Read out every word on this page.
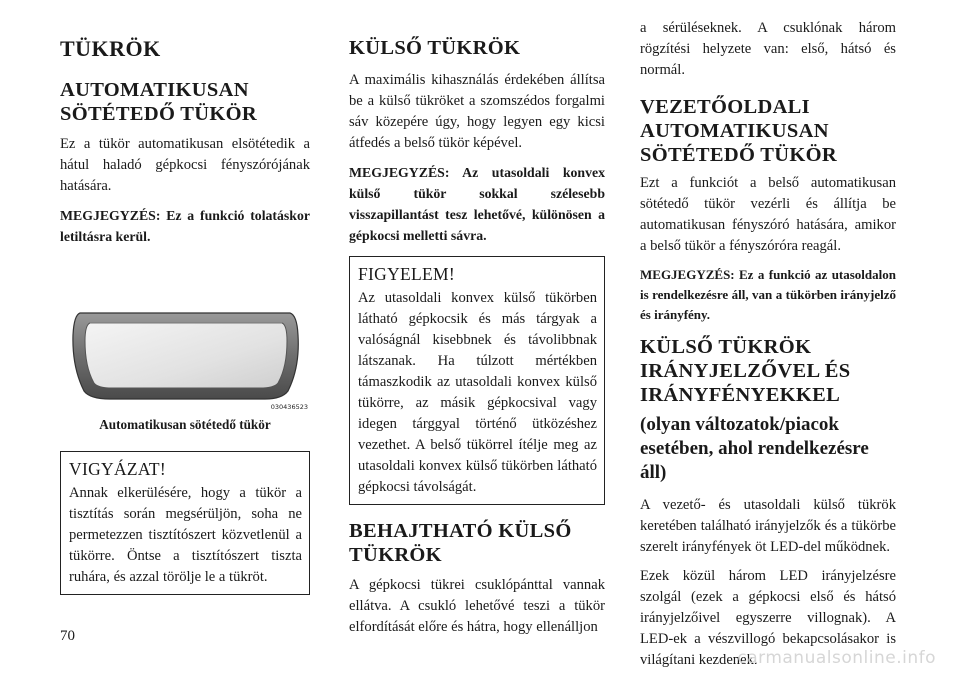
TÜKRÖK
AUTOMATIKUSAN SÖTÉTEDŐ TÜKÖR

Ez a tükör automatikusan elsötétedik a hátul haladó gépkocsi fényszórójának hatására.

MEGJEGYZÉS: Ez a funkció tolatáskor letiltásra kerül.

030436523
Automatikusan sötétedő tükör
VIGYÁZAT!

Annak elkerülésére, hogy a tükör a tisztítás során megsérüljön, soha ne permetezzen tisztítószert közvetlenül a tükörre. Öntse a tisztítószert tiszta ruhára, és azzal törölje le a tükröt.

KÜLSŐ TÜKRÖK

A maximális kihasználás érdekében állítsa be a külső tükröket a szomszédos forgalmi sáv közepére úgy, hogy legyen egy kicsi átfedés a belső tükör képével.

MEGJEGYZÉS: Az utasoldali konvex külső tükör sokkal szélesebb visszapillantást tesz lehetővé, különösen a gépkocsi melletti sávra.

FIGYELEM!

Az utasoldali konvex külső tükörben látható gépkocsik és más tárgyak a valóságnál kisebbnek és távolibbnak látszanak. Ha túlzott mértékben támaszkodik az utasoldali konvex külső tükörre, az másik gépkocsival vagy idegen tárggyal történő ütközéshez vezethet. A belső tükörrel ítélje meg az utasoldali konvex külső tükörben látható gépkocsi távolságát.

BEHAJTHATÓ KÜLSŐ TÜKRÖK

A gépkocsi tükrei csuklópánttal vannak ellátva. A csukló lehetővé teszi a tükör elfordítását előre és hátra, hogy ellenálljon

a sérüléseknek. A csuklónak három rögzítési helyzete van: első, hátsó és normál.

VEZETŐOLDALI AUTOMATIKUSAN SÖTÉTEDŐ TÜKÖR

Ezt a funkciót a belső automatikusan sötétedő tükör vezérli és állítja be automatikusan fényszóró hatására, amikor a belső tükör a fényszóróra reagál.

MEGJEGYZÉS: Ez a funkció az utasoldalon is rendelkezésre áll, van a tükörben irányjelző és irányfény.

KÜLSŐ TÜKRÖK IRÁNYJELZŐVEL ÉS IRÁNYFÉNYEKKEL
(olyan változatok/piacok esetében, ahol rendelkezésre áll)

A vezető- és utasoldali külső tükrök keretében található irányjelzők és a tükörbe szerelt irányfények öt LED-del működnek.

Ezek közül három LED irányjelzésre szolgál (ezek a gépkocsi első és hátsó irányjelzőivel egyszerre villognak). A LED-ek a vészvillogó bekapcsolásakor is világítani kezdenek.

70
carmanualsonline.info
